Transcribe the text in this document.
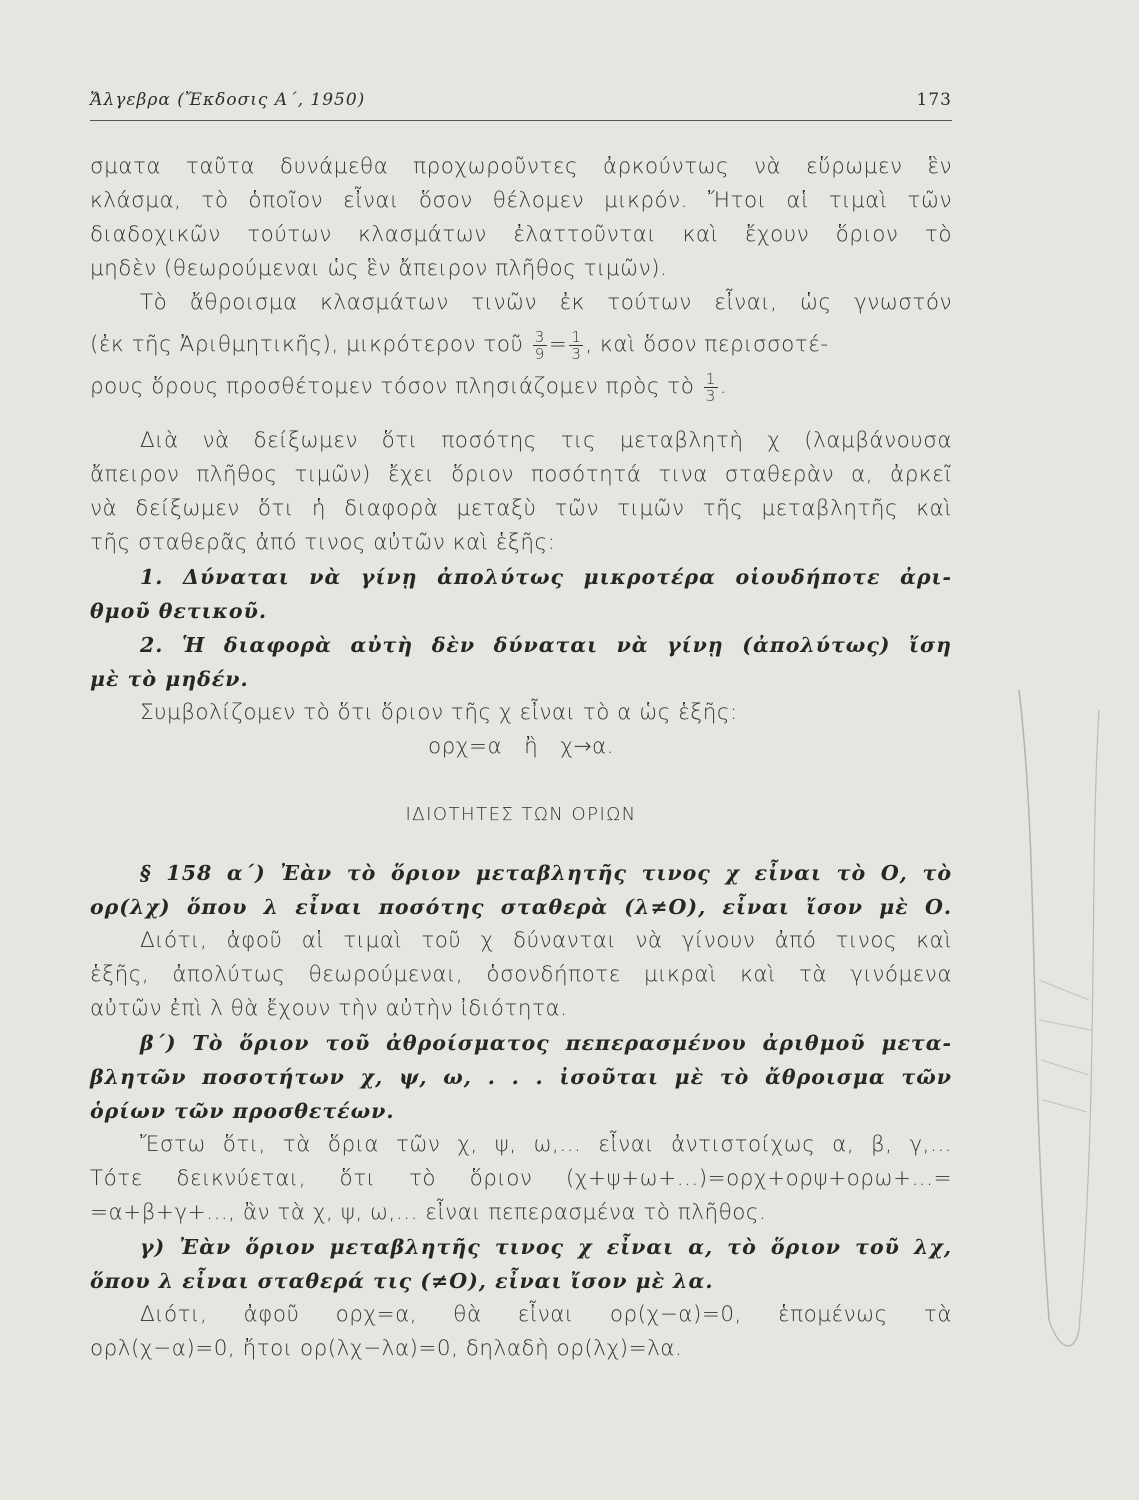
Ἄλγεβρα (Ἔκδοσις Α΄, 1950)	173

σματα ταῦτα δυνάμεθα προχωροῦντες ἀρκούντως νὰ εὕρωμεν ἓν

κλάσμα, τὸ ὁποῖον εἶναι ὅσον θέλομεν μικρόν. Ἤτοι αἱ τιμαὶ τῶν

διαδοχικῶν τούτων κλασμάτων ἐλαττοῦνται καὶ ἔχουν ὅριον τὸ

μηδὲν (θεωρούμεναι ὡς ἓν ἄπειρον πλῆθος τιμῶν).

Τὸ ἄθροισμα κλασμάτων τινῶν ἐκ τούτων εἶναι, ὡς γνωστόν

(ἐκ τῆς Ἀριθμητικῆς), μικρότερον τοῦ $\frac{3}{9} = \frac{1}{3}$ , καὶ ὅσον περισσοτέ-

ρους ὅρους προσθέτομεν τόσον πλησιάζομεν πρὸς τὸ $\frac{1}{3}$ .

Διὰ νὰ δείξωμεν ὅτι ποσότης τις μεταβλητὴ χ (λαμβάνουσα

ἄπειρον πλῆθος τιμῶν) ἔχει ὅριον ποσότητά τινα σταθερὰν α, ἀρκεῖ

νὰ δείξωμεν ὅτι ἡ διαφορὰ μεταξὺ τῶν τιμῶν τῆς μεταβλητῆς καὶ

τῆς σταθερᾶς ἀπό τινος αὐτῶν καὶ ἑξῆς:

1. Δύναται νὰ γίνῃ ἀπολύτως μικροτέρα οἱουδήποτε ἀρι-

θμοῦ θετικοῦ.

2. Ἡ διαφορὰ αὐτὴ δὲν δύναται νὰ γίνῃ (ἀπολύτως) ἴση

μὲ τὸ μηδέν.

Συμβολίζομεν τὸ ὅτι ὅριον τῆς χ εἶναι τὸ α ὡς ἑξῆς:

ορχ=α   ἢ   χ→α.

ΙΔΙΟΤΗΤΕΣ ΤΩΝ ΟΡΙΩΝ

§ 158 α΄) Ἐὰν τὸ ὅριον μεταβλητῆς τινος χ εἶναι τὸ Ο, τὸ

ορ(λχ) ὅπου λ εἶναι ποσότης σταθερὰ (λ≠Ο), εἶναι ἴσον μὲ Ο.

Διότι, ἀφοῦ αἱ τιμαὶ τοῦ χ δύνανται νὰ γίνουν ἀπό τινος καὶ

ἑξῆς, ἀπολύτως θεωρούμεναι, ὁσονδήποτε μικραὶ καὶ τὰ γινόμενα

αὐτῶν ἐπὶ λ θὰ ἔχουν τὴν αὐτὴν ἰδιότητα.

β΄) Τὸ ὅριον τοῦ ἀθροίσματος πεπερασμένου ἀριθμοῦ μετα-

βλητῶν ποσοτήτων χ, ψ, ω, . . . ἰσοῦται μὲ τὸ ἄθροισμα τῶν

ὁρίων τῶν προσθετέων.

Ἔστω ὅτι, τὰ ὅρια τῶν χ, ψ, ω,... εἶναι ἀντιστοίχως α, β, γ,...

Τότε δεικνύεται, ὅτι τὸ ὅριον (χ+ψ+ω+...)=ορχ+ορψ+ορω+...=

=α+β+γ+..., ἂν τὰ χ, ψ, ω,... εἶναι πεπερασμένα τὸ πλῆθος.

γ) Ἐὰν ὅριον μεταβλητῆς τινος χ εἶναι α, τὸ ὅριον τοῦ λχ,

ὅπου λ εἶναι σταθερά τις (≠Ο), εἶναι ἴσον μὲ λα.

Διότι, ἀφοῦ ορχ=α, θὰ εἶναι ορ(χ−α)=0, ἑπομένως τὰ

ορλ(χ−α)=0, ἤτοι ορ(λχ−λα)=0, δηλαδὴ ορ(λχ)=λα.
